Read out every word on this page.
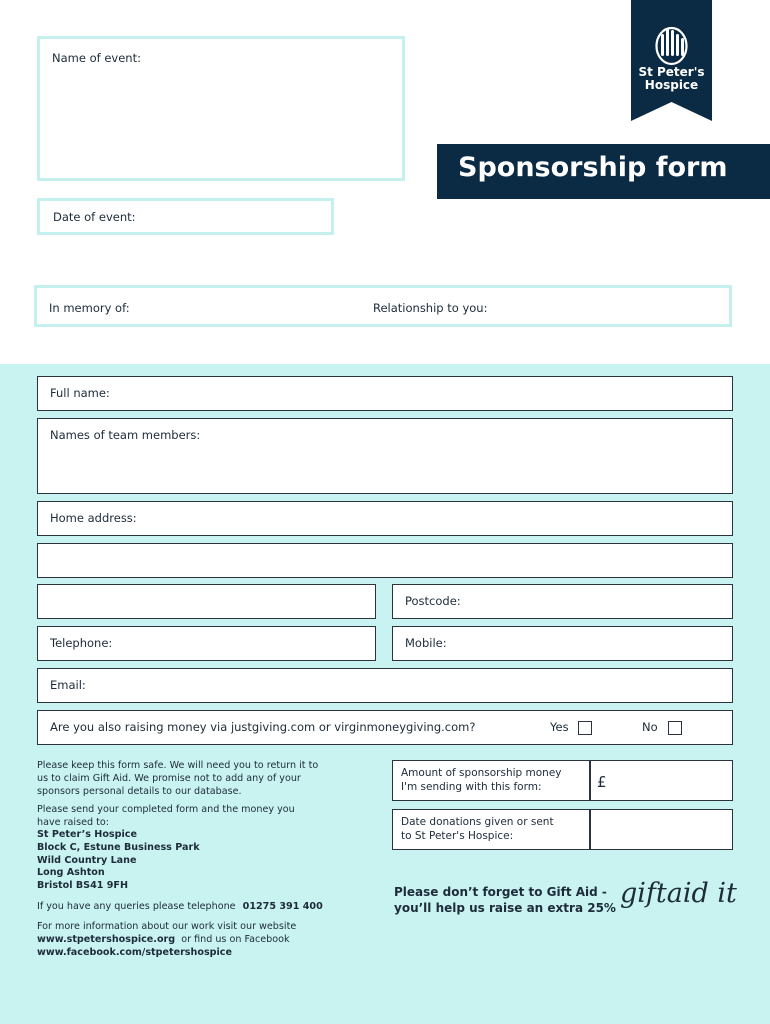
St Peter's
Hospice
Sponsorship form
Name of event:
Date of event:
In memory of:	Relationship to you:
Full name:
Names of team members:
Home address:
Postcode:
Telephone:	Mobile:
Email:
Are you also raising money via justgiving.com or virginmoneygiving.com?	Yes	No
Please keep this form safe. We will need you to return it to us to claim Gift Aid. We promise not to add any of your sponsors personal details to our database.
Please send your completed form and the money you have raised to:
St Peter’s Hospice
Block C, Estune Business Park
Wild Country Lane
Long Ashton
Bristol BS41 9FH
If you have any queries please telephone 01275 391 400
For more information about our work visit our website
www.stpetershospice.org or find us on Facebook
www.facebook.com/stpetershospice
Amount of sponsorship money
I'm sending with this form:	£
Date donations given or sent
to St Peter's Hospice:
Please don’t forget to Gift Aid -
you’ll help us raise an extra 25% giftaid it
